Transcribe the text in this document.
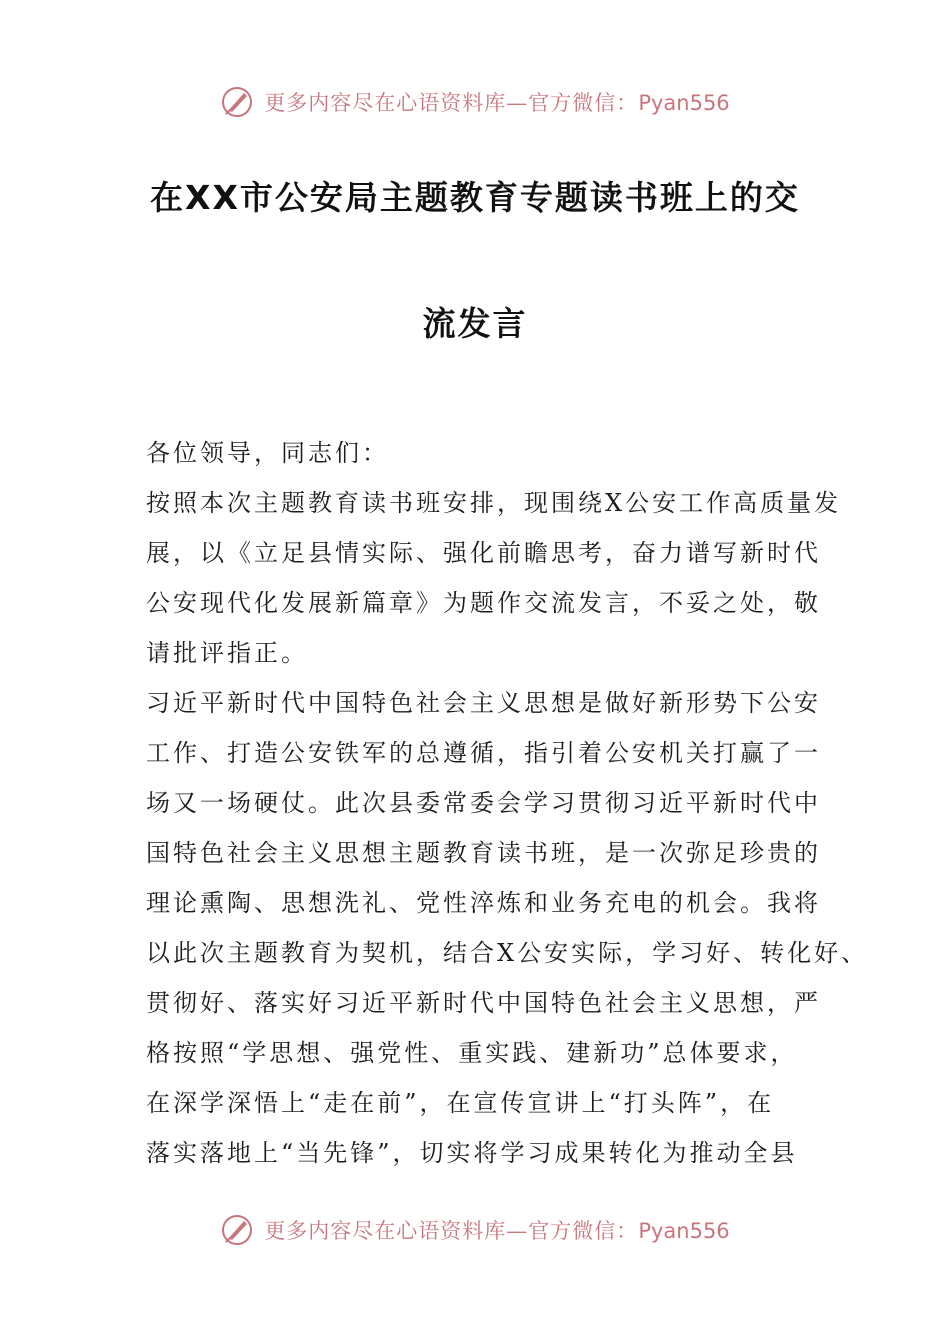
更多内容尽在心语资料库—官方微信：Pyan556
在XX市公安局主题教育专题读书班上的交
流发言
各位领导，同志们：
按照本次主题教育读书班安排，现围绕X公安工作高质量发
展，以《立足县情实际、强化前瞻思考，奋力谱写新时代
公安现代化发展新篇章》为题作交流发言，不妥之处，敬
请批评指正。
习近平新时代中国特色社会主义思想是做好新形势下公安
工作、打造公安铁军的总遵循，指引着公安机关打赢了一
场又一场硬仗。此次县委常委会学习贯彻习近平新时代中
国特色社会主义思想主题教育读书班，是一次弥足珍贵的
理论熏陶、思想洗礼、党性淬炼和业务充电的机会。我将
以此次主题教育为契机，结合X公安实际，学习好、转化好、
贯彻好、落实好习近平新时代中国特色社会主义思想，严
格按照“学思想、强党性、重实践、建新功”总体要求，
在深学深悟上“走在前”，在宣传宣讲上“打头阵”，在
落实落地上“当先锋”，切实将学习成果转化为推动全县
更多内容尽在心语资料库—官方微信：Pyan556
